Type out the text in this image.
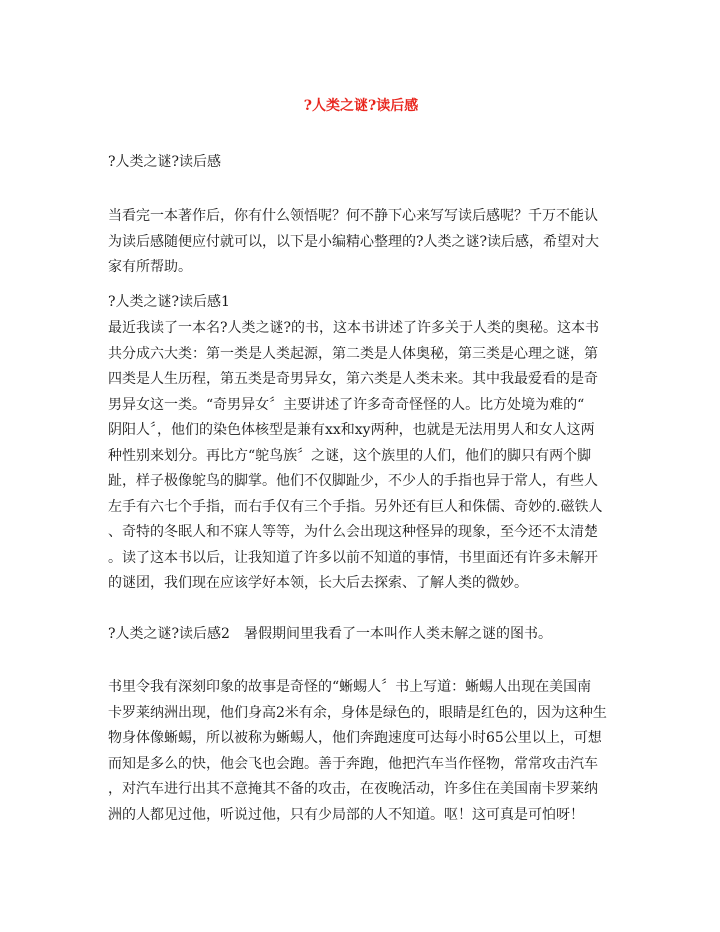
?人类之谜?读后感
?人类之谜?读后感
当看完一本著作后，你有什么领悟呢？何不静下心来写写读后感呢？千万不能认
为读后感随便应付就可以，以下是小编精心整理的?人类之谜?读后感，希望对大
家有所帮助。
?人类之谜?读后感1
最近我读了一本名?人类之谜?的书，这本书讲述了许多关于人类的奥秘。这本书
共分成六大类：第一类是人类起源，第二类是人体奥秘，第三类是心理之谜，第
四类是人生历程，第五类是奇男异女，第六类是人类未来。其中我最爱看的是奇
男异女这一类。“奇男异女〞主要讲述了许多奇奇怪怪的人。比方处境为难的“
阴阳人〞，他们的染色体核型是兼有xx和xy两种，也就是无法用男人和女人这两
种性别来划分。再比方“鸵鸟族〞之谜，这个族里的人们，他们的脚只有两个脚
趾，样子极像鸵鸟的脚掌。他们不仅脚趾少，不少人的手指也异于常人，有些人
左手有六七个手指，而右手仅有三个手指。另外还有巨人和侏儒、奇妙的.磁铁人
、奇特的冬眠人和不寐人等等，为什么会出现这种怪异的现象，至今还不太清楚
。读了这本书以后，让我知道了许多以前不知道的事情，书里面还有许多未解开
的谜团，我们现在应该学好本领，长大后去探索、了解人类的微妙。
?人类之谜?读后感2 暑假期间里我看了一本叫作人类未解之谜的图书。
书里令我有深刻印象的故事是奇怪的“蜥蜴人〞书上写道：蜥蜴人出现在美国南
卡罗莱纳洲出现，他们身高2米有余，身体是绿色的，眼睛是红色的，因为这种生
物身体像蜥蜴，所以被称为蜥蜴人，他们奔跑速度可达每小时65公里以上，可想
而知是多么的快，他会飞也会跑。善于奔跑，他把汽车当作怪物，常常攻击汽车
，对汽车进行出其不意掩其不备的攻击，在夜晚活动，许多住在美国南卡罗莱纳
洲的人都见过他，听说过他，只有少局部的人不知道。呕！这可真是可怕呀！
